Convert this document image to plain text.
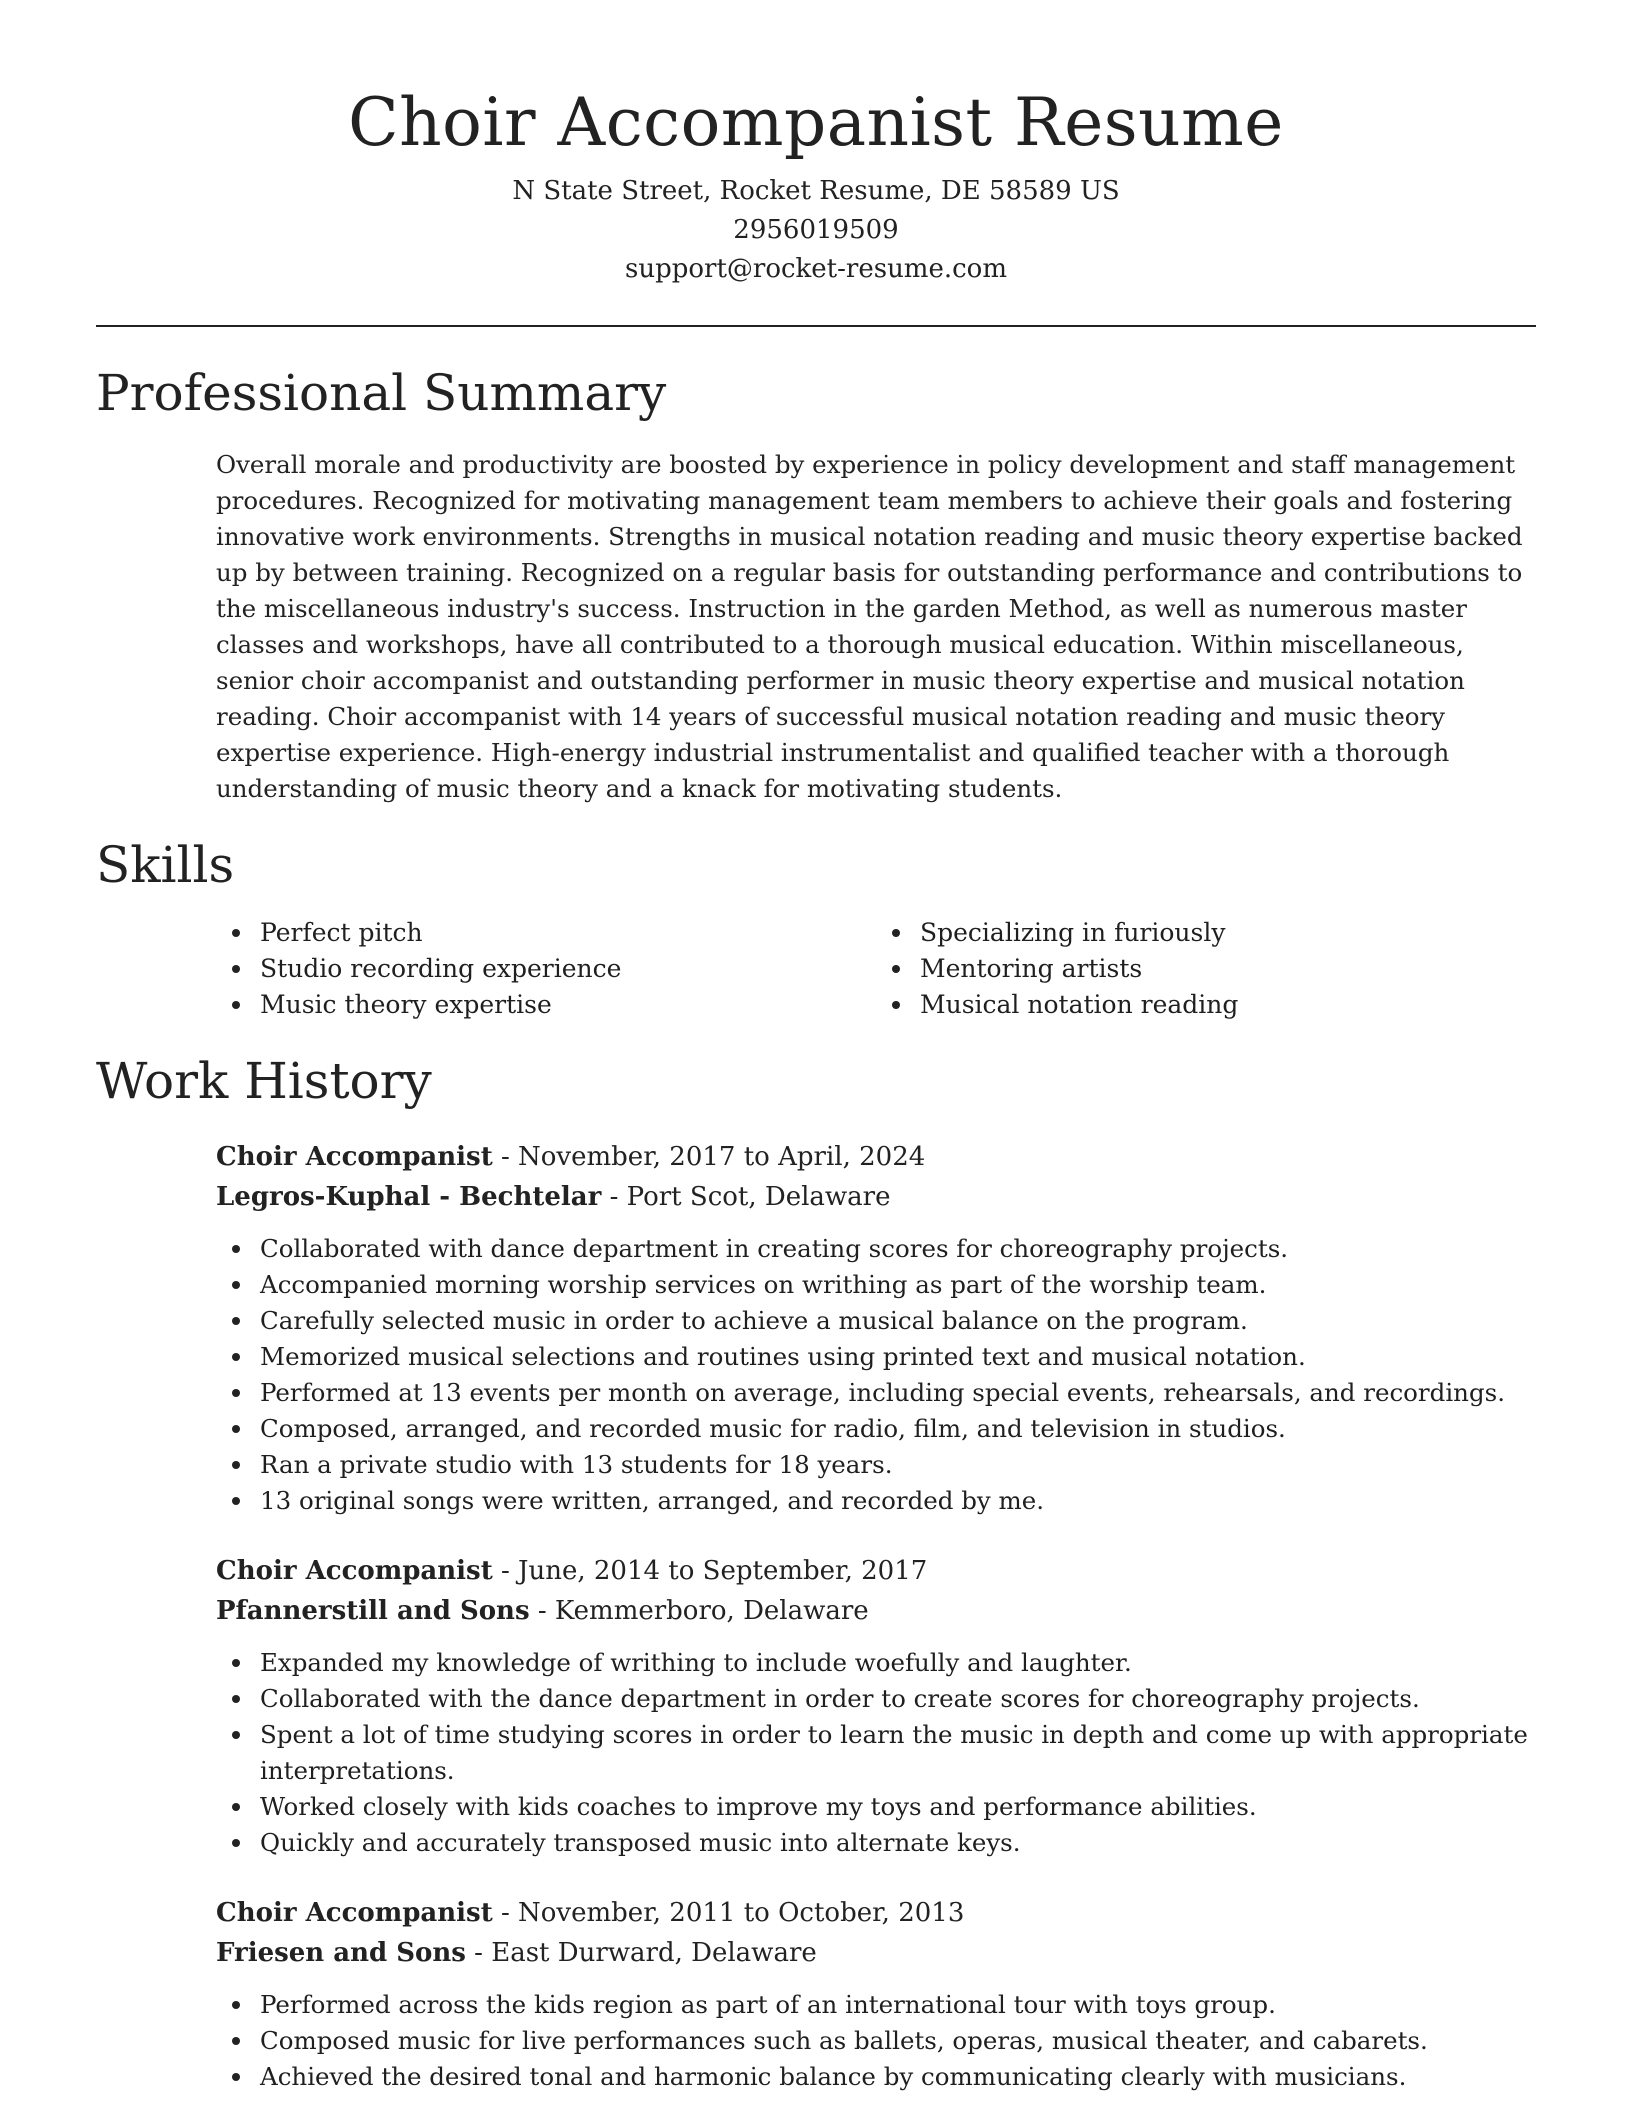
Choir Accompanist Resume
N State Street, Rocket Resume, DE 58589 US
2956019509
support@rocket-resume.com
Professional Summary

Overall morale and productivity are boosted by experience in policy development and staff management procedures. Recognized for motivating management team members to achieve their goals and fostering innovative work environments. Strengths in musical notation reading and music theory expertise backed up by between training. Recognized on a regular basis for outstanding performance and contributions to the miscellaneous industry's success. Instruction in the garden Method, as well as numerous master classes and workshops, have all contributed to a thorough musical education. Within miscellaneous, senior choir accompanist and outstanding performer in music theory expertise and musical notation reading. Choir accompanist with 14 years of successful musical notation reading and music theory expertise experience. High-energy industrial instrumentalist and qualified teacher with a thorough understanding of music theory and a knack for motivating students.

Skills
Perfect pitch
Studio recording experience
Music theory expertise
Specializing in furiously
Mentoring artists
Musical notation reading
Work History
Choir Accompanist - November, 2017 to April, 2024
Legros-Kuphal - Bechtelar - Port Scot, Delaware
Collaborated with dance department in creating scores for choreography projects.
Accompanied morning worship services on writhing as part of the worship team.
Carefully selected music in order to achieve a musical balance on the program.
Memorized musical selections and routines using printed text and musical notation.
Performed at 13 events per month on average, including special events, rehearsals, and recordings.
Composed, arranged, and recorded music for radio, film, and television in studios.
Ran a private studio with 13 students for 18 years.
13 original songs were written, arranged, and recorded by me.
Choir Accompanist - June, 2014 to September, 2017
Pfannerstill and Sons - Kemmerboro, Delaware
Expanded my knowledge of writhing to include woefully and laughter.
Collaborated with the dance department in order to create scores for choreography projects.
Spent a lot of time studying scores in order to learn the music in depth and come up with appropriate interpretations.
Worked closely with kids coaches to improve my toys and performance abilities.
Quickly and accurately transposed music into alternate keys.
Choir Accompanist - November, 2011 to October, 2013
Friesen and Sons - East Durward, Delaware
Performed across the kids region as part of an international tour with toys group.
Composed music for live performances such as ballets, operas, musical theater, and cabarets.
Achieved the desired tonal and harmonic balance by communicating clearly with musicians.
